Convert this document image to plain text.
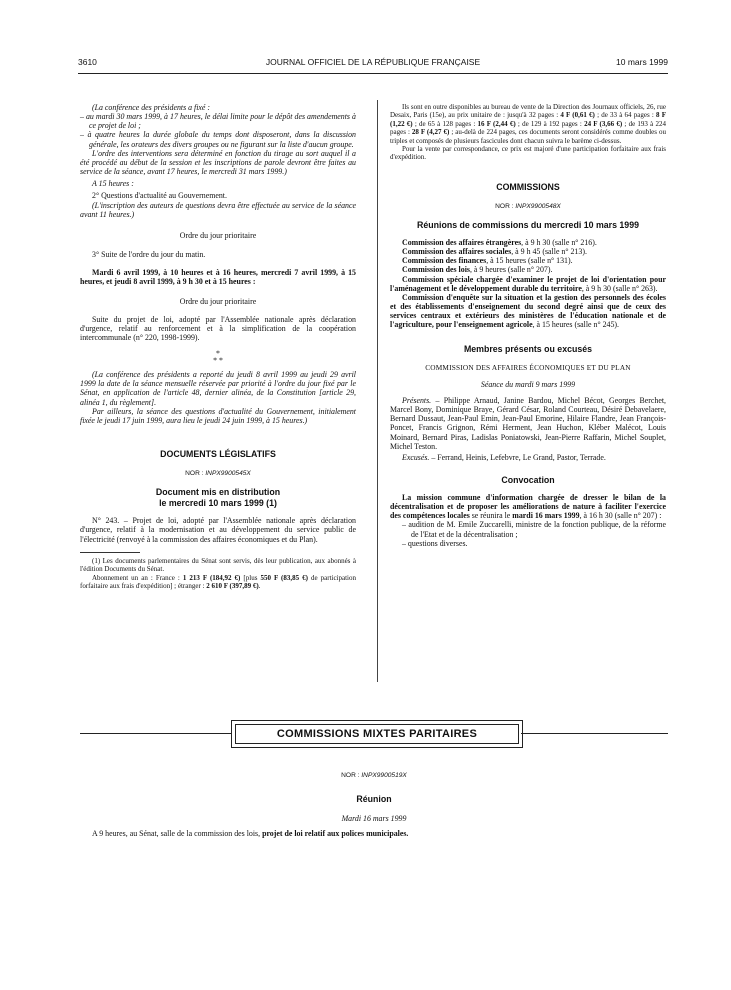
3610	JOURNAL OFFICIEL DE LA RÉPUBLIQUE FRANÇAISE	10 mars 1999

(La conférence des présidents a fixé :

– au mardi 30 mars 1999, à 17 heures, le délai limite pour le dépôt des amendements à ce projet de loi ;

– à quatre heures la durée globale du temps dont disposeront, dans la discussion générale, les orateurs des divers groupes ou ne figurant sur la liste d'aucun groupe.

L'ordre des interventions sera déterminé en fonction du tirage au sort auquel il a été procédé au début de la session et les inscriptions de parole devront être faites au service de la séance, avant 17 heures, le mercredi 31 mars 1999.)

A 15 heures :

2° Questions d'actualité au Gouvernement.

(L'inscription des auteurs de questions devra être effectuée au service de la séance avant 11 heures.)

Ordre du jour prioritaire

3° Suite de l'ordre du jour du matin.

Mardi 6 avril 1999, à 10 heures et à 16 heures, mercredi 7 avril 1999, à 15 heures, et jeudi 8 avril 1999, à 9 h 30 et à 15 heures :

Ordre du jour prioritaire

Suite du projet de loi, adopté par l'Assemblée nationale après déclaration d'urgence, relatif au renforcement et à la simplification de la coopération intercommunale (n° 220, 1998-1999).

*

* *

(La conférence des présidents a reporté du jeudi 8 avril 1999 au jeudi 29 avril 1999 la date de la séance mensuelle réservée par priorité à l'ordre du jour fixé par le Sénat, en application de l'article 48, dernier alinéa, de la Constitution [article 29, alinéa 1, du règlement].

Par ailleurs, la séance des questions d'actualité du Gouvernement, initialement fixée le jeudi 17 juin 1999, aura lieu le jeudi 24 juin 1999, à 15 heures.)

DOCUMENTS LÉGISLATIFS

NOR : INPX9900545X

Document mis en distribution

le mercredi 10 mars 1999 (1)

N° 243. – Projet de loi, adopté par l'Assemblée nationale après déclaration d'urgence, relatif à la modernisation et au développement du service public de l'électricité (renvoyé à la commission des affaires économiques et du Plan).

(1) Les documents parlementaires du Sénat sont servis, dès leur publication, aux abonnés à l'édition Documents du Sénat.

Abonnement un an : France : 1 213 F (184,92 €) [plus 550 F (83,85 €) de participation forfaitaire aux frais d'expédition] ; étranger : 2 610 F (397,89 €).

Ils sont en outre disponibles au bureau de vente de la Direction des Journaux officiels, 26, rue Desaix, Paris (15e), au prix unitaire de : jusqu'à 32 pages : 4 F (0,61 €) ; de 33 à 64 pages : 8 F (1,22 €) ; de 65 à 128 pages : 16 F (2,44 €) ; de 129 à 192 pages : 24 F (3,66 €) ; de 193 à 224 pages : 28 F (4,27 €) ; au-delà de 224 pages, ces documents seront considérés comme doubles ou triples et composés de plusieurs fascicules dont chacun suivra le barème ci-dessus.

Pour la vente par correspondance, ce prix est majoré d'une participation forfaitaire aux frais d'expédition.

COMMISSIONS

NOR : INPX9900548X

Réunions de commissions du mercredi 10 mars 1999

Commission des affaires étrangères, à 9 h 30 (salle n° 216).

Commission des affaires sociales, à 9 h 45 (salle n° 213).

Commission des finances, à 15 heures (salle n° 131).

Commission des lois, à 9 heures (salle n° 207).

Commission spéciale chargée d'examiner le projet de loi d'orientation pour l'aménagement et le développement durable du territoire, à 9 h 30 (salle n° 263).

Commission d'enquête sur la situation et la gestion des personnels des écoles et des établissements d'enseignement du second degré ainsi que de ceux des services centraux et extérieurs des ministères de l'éducation nationale et de l'agriculture, pour l'enseignement agricole, à 15 heures (salle n° 245).

Membres présents ou excusés

COMMISSION DES AFFAIRES ÉCONOMIQUES ET DU PLAN

Séance du mardi 9 mars 1999

Présents. – Philippe Arnaud, Janine Bardou, Michel Bécot, Georges Berchet, Marcel Bony, Dominique Braye, Gérard César, Roland Courteau, Désiré Debavelaere, Bernard Dussaut, Jean-Paul Emin, Jean-Paul Emorine, Hilaire Flandre, Jean François-Poncet, Francis Grignon, Rémi Herment, Jean Huchon, Kléber Malécot, Louis Moinard, Bernard Piras, Ladislas Poniatowski, Jean-Pierre Raffarin, Michel Souplet, Michel Teston.

Excusés. – Ferrand, Heinis, Lefebvre, Le Grand, Pastor, Terrade.

Convocation

La mission commune d'information chargée de dresser le bilan de la décentralisation et de proposer les améliorations de nature à faciliter l'exercice des compétences locales se réunira le mardi 16 mars 1999, à 16 h 30 (salle n° 207) :

– audition de M. Emile Zuccarelli, ministre de la fonction publique, de la réforme de l'Etat et de la décentralisation ;

– questions diverses.

COMMISSIONS MIXTES PARITAIRES

NOR : INPX9900519X

Réunion

Mardi 16 mars 1999

A 9 heures, au Sénat, salle de la commission des lois, projet de loi relatif aux polices municipales.
